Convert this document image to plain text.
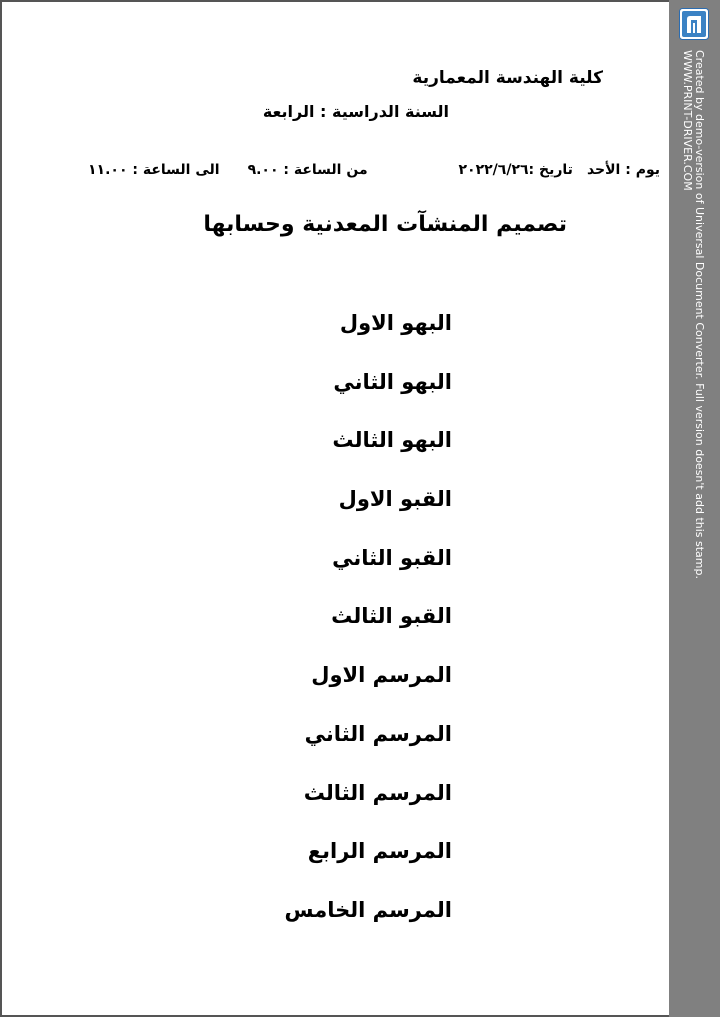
كلية الهندسة المعمارية
السنة الدراسية : الرابعة
من الساعة : ٩.٠٠
الى الساعة : ١١.٠٠	يوم : الأحد
تاريخ :٢٠٢٢/٦/٢٦
تصميم المنشآت المعدنية وحسابها
البهو الاول
البهو الثاني
البهو الثالث
القبو الاول
القبو الثاني
القبو الثالث
المرسم الاول
المرسم الثاني
المرسم الثالث
المرسم الرابع
المرسم الخامس
Created by demo-version of Universal Document Converter. Full version doesn't add this stamp.
WWW.PRINT-DRIVER.COM
